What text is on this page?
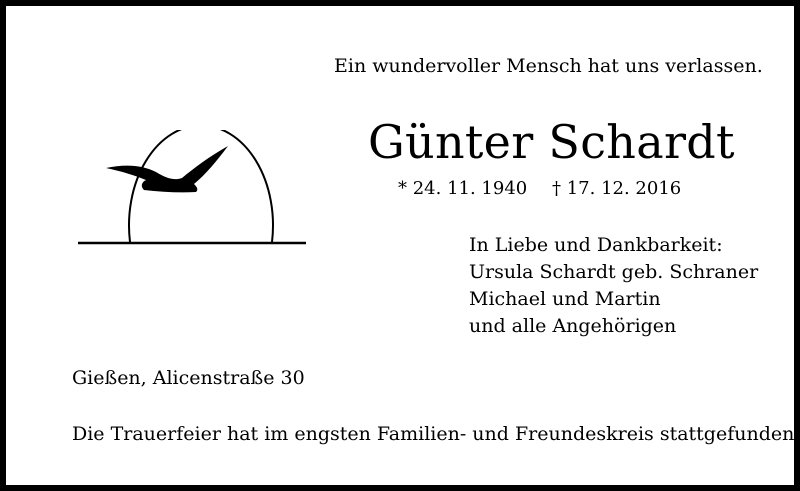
Ein wundervoller Mensch hat uns verlassen.
Günter Schardt
* 24. 11. 1940 † 17. 12. 2016
In Liebe und Dankbarkeit:
Ursula Schardt geb. Schraner
Michael und Martin
und alle Angehörigen
Gießen, Alicenstraße 30
Die Trauerfeier hat im engsten Familien- und Freundeskreis stattgefunden.
